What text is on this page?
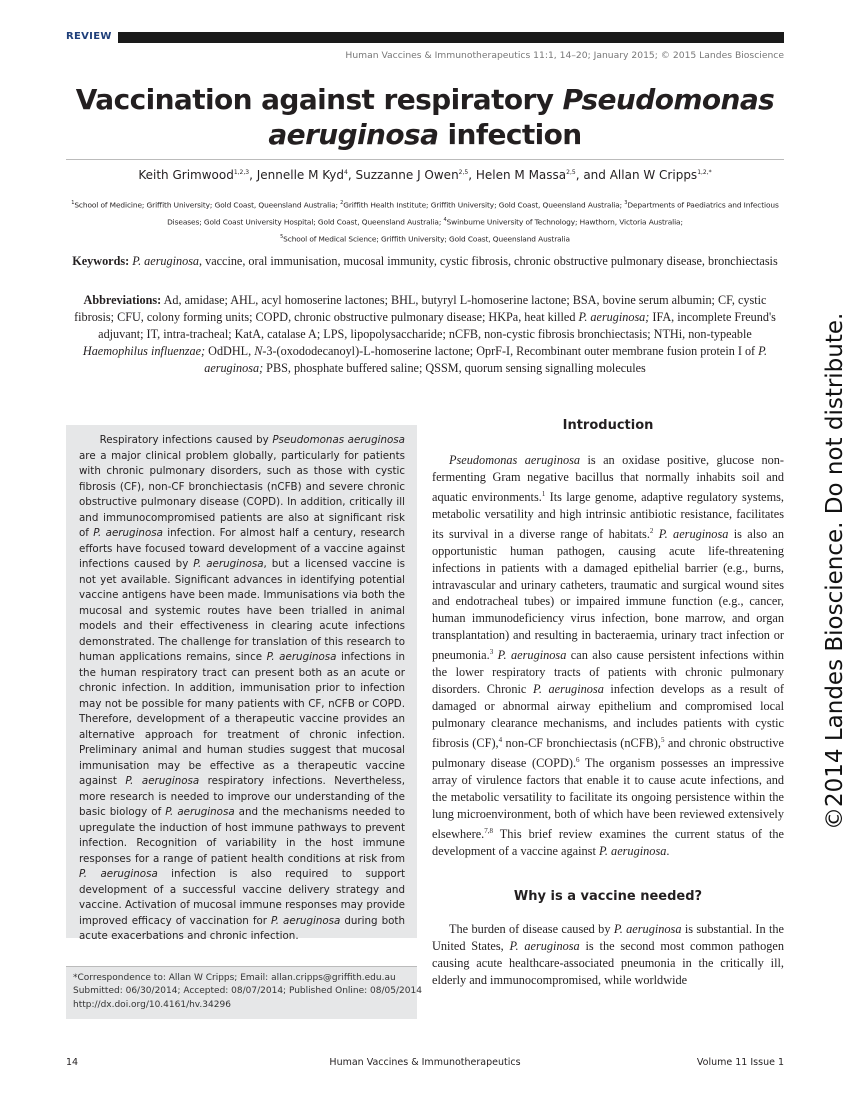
REVIEW
Human Vaccines & Immunotherapeutics 11:1, 14–20; January 2015; © 2015 Landes Bioscience
Vaccination against respiratory Pseudomonas aeruginosa infection
Keith Grimwood$^{1,2,3}$, Jennelle M Kyd$^4$, Suzzanne J Owen$^{2,5}$, Helen M Massa$^{2,5}$, and Allan W Cripps$^{1,2,*}$
$^1$School of Medicine; Griffith University; Gold Coast, Queensland Australia; $^2$Griffith Health Institute; Griffith University; Gold Coast, Queensland Australia; $^3$Departments of Paediatrics and Infectious Diseases; Gold Coast University Hospital; Gold Coast, Queensland Australia; $^4$Swinburne University of Technology; Hawthorn, Victoria Australia;
$^5$School of Medical Science; Griffith University; Gold Coast, Queensland Australia
Keywords: P. aeruginosa, vaccine, oral immunisation, mucosal immunity, cystic fibrosis, chronic obstructive pulmonary disease, bronchiectasis
Abbreviations: Ad, amidase; AHL, acyl homoserine lactones; BHL, butyryl L-homoserine lactone; BSA, bovine serum albumin; CF, cystic fibrosis; CFU, colony forming units; COPD, chronic obstructive pulmonary disease; HKPa, heat killed P. aeruginosa; IFA, incomplete Freund's adjuvant; IT, intra-tracheal; KatA, catalase A; LPS, lipopolysaccharide; nCFB, non-cystic fibrosis bronchiectasis; NTHi, non-typeable Haemophilus influenzae; OdDHL, N-3-(oxododecanoyl)-L-homoserine lactone; OprF-I, Recombinant outer membrane fusion protein I of P. aeruginosa; PBS, phosphate buffered saline; QSSM, quorum sensing signalling molecules

  Respiratory infections caused by Pseudomonas aeruginosa are a major clinical problem globally, particularly for patients with chronic pulmonary disorders, such as those with cystic fibrosis (CF), non-CF bronchiectasis (nCFB) and severe chronic obstructive pulmonary disease (COPD). In addition, critically ill and immunocompromised patients are also at significant risk of P. aeruginosa infection. For almost half a century, research efforts have focused toward development of a vaccine against infections caused by P. aeruginosa, but a licensed vaccine is not yet available. Significant advances in identifying potential vaccine antigens have been made. Immunisations via both the mucosal and systemic routes have been trialled in animal models and their effectiveness in clearing acute infections demonstrated. The challenge for translation of this research to human applications remains, since P. aeruginosa infections in the human respiratory tract can present both as an acute or chronic infection. In addition, immunisation prior to infection may not be possible for many patients with CF, nCFB or COPD. Therefore, development of a therapeutic vaccine provides an alternative approach for treatment of chronic infection. Preliminary animal and human studies suggest that mucosal immunisation may be effective as a therapeutic vaccine against P. aeruginosa respiratory infections. Nevertheless, more research is needed to improve our understanding of the basic biology of P. aeruginosa and the mechanisms needed to upregulate the induction of host immune pathways to prevent infection. Recognition of variability in the host immune responses for a range of patient health conditions at risk from P. aeruginosa infection is also required to support development of a successful vaccine delivery strategy and vaccine. Activation of mucosal immune responses may provide improved efficacy of vaccination for P. aeruginosa during both acute exacerbations and chronic infection.

*Correspondence to: Allan W Cripps; Email: allan.cripps@griffith.edu.au
Submitted: 06/30/2014; Accepted: 08/07/2014; Published Online: 08/05/2014
http://dx.doi.org/10.4161/hv.34296
Introduction

Pseudomonas aeruginosa is an oxidase positive, glucose non-fermenting Gram negative bacillus that normally inhabits soil and aquatic environments.$^1$ Its large genome, adaptive regulatory systems, metabolic versatility and high intrinsic antibiotic resistance, facilitates its survival in a diverse range of habitats.$^2$ P. aeruginosa is also an opportunistic human pathogen, causing acute life-threatening infections in patients with a damaged epithelial barrier (e.g., burns, intravascular and urinary catheters, traumatic and surgical wound sites and endotracheal tubes) or impaired immune function (e.g., cancer, human immunodeficiency virus infection, bone marrow, and organ transplantation) and resulting in bacteraemia, urinary tract infection or pneumonia.$^3$ P. aeruginosa can also cause persistent infections within the lower respiratory tracts of patients with chronic pulmonary disorders. Chronic P. aeruginosa infection develops as a result of damaged or abnormal airway epithelium and compromised local pulmonary clearance mechanisms, and includes patients with cystic fibrosis (CF),$^4$ non-CF bronchiectasis (nCFB),$^5$ and chronic obstructive pulmonary disease (COPD).$^6$ The organism possesses an impressive array of virulence factors that enable it to cause acute infections, and the metabolic versatility to facilitate its ongoing persistence within the lung microenvironment, both of which have been reviewed extensively elsewhere.$^{7,8}$ This brief review examines the current status of the development of a vaccine against P. aeruginosa.

Why is a vaccine needed?

The burden of disease caused by P. aeruginosa is substantial. In the United States, P. aeruginosa is the second most common pathogen causing acute healthcare-associated pneumonia in the critically ill, elderly and immunocompromised, while worldwide

©2014 Landes Bioscience. Do not distribute.
14	Human Vaccines & Immunotherapeutics	Volume 11 Issue 1
